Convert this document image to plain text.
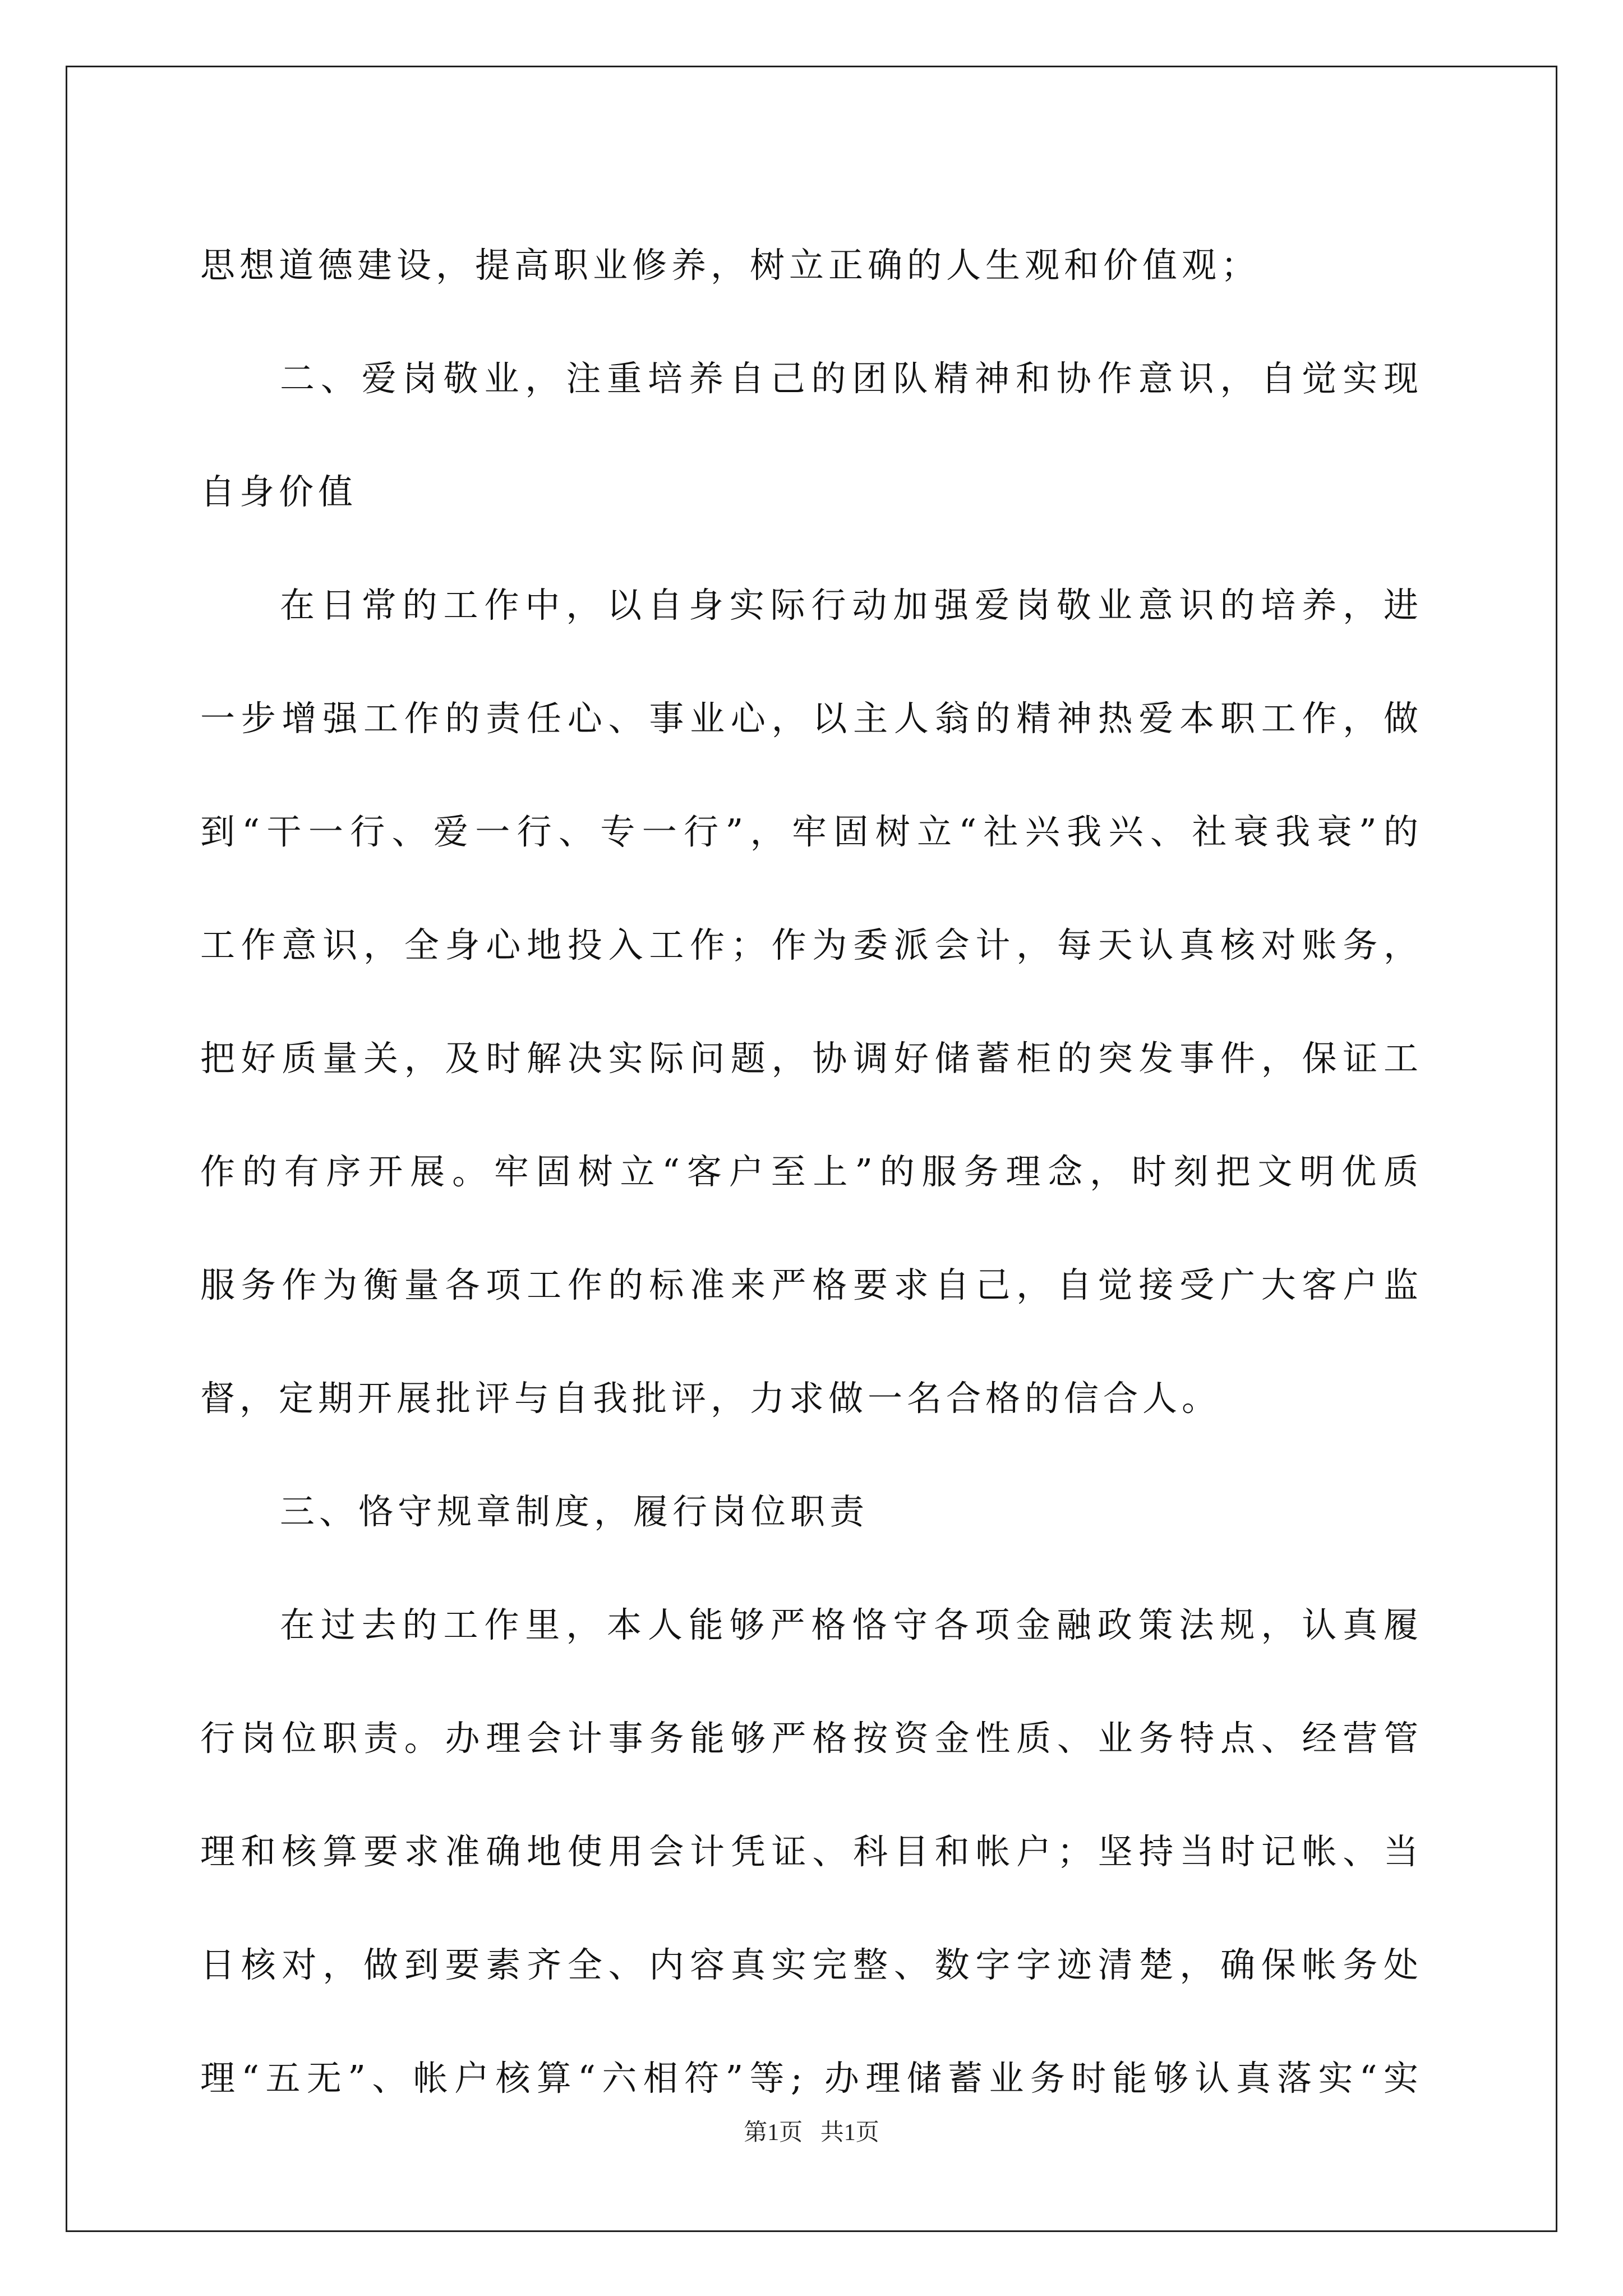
思想道德建设，提高职业修养，树立正确的人生观和价值观；
二、爱岗敬业，注重培养自己的团队精神和协作意识，自觉实现
自身价值
在日常的工作中，以自身实际行动加强爱岗敬业意识的培养，进
一步增强工作的责任心、事业心，以主人翁的精神热爱本职工作，做
到“干一行、爱一行、专一行”，牢固树立“社兴我兴、社衰我衰”的
工作意识，全身心地投入工作；作为委派会计，每天认真核对账务，
把好质量关，及时解决实际问题，协调好储蓄柜的突发事件，保证工
作的有序开展。牢固树立“客户至上”的服务理念，时刻把文明优质
服务作为衡量各项工作的标准来严格要求自己，自觉接受广大客户监
督，定期开展批评与自我批评，力求做一名合格的信合人。
三、恪守规章制度，履行岗位职责
在过去的工作里，本人能够严格恪守各项金融政策法规，认真履
行岗位职责。办理会计事务能够严格按资金性质、业务特点、经营管
理和核算要求准确地使用会计凭证、科目和帐户；坚持当时记帐、当
日核对，做到要素齐全、内容真实完整、数字字迹清楚，确保帐务处
理“五无”、帐户核算“六相符”等; 办理储蓄业务时能够认真落实“实
第1页   共1页
